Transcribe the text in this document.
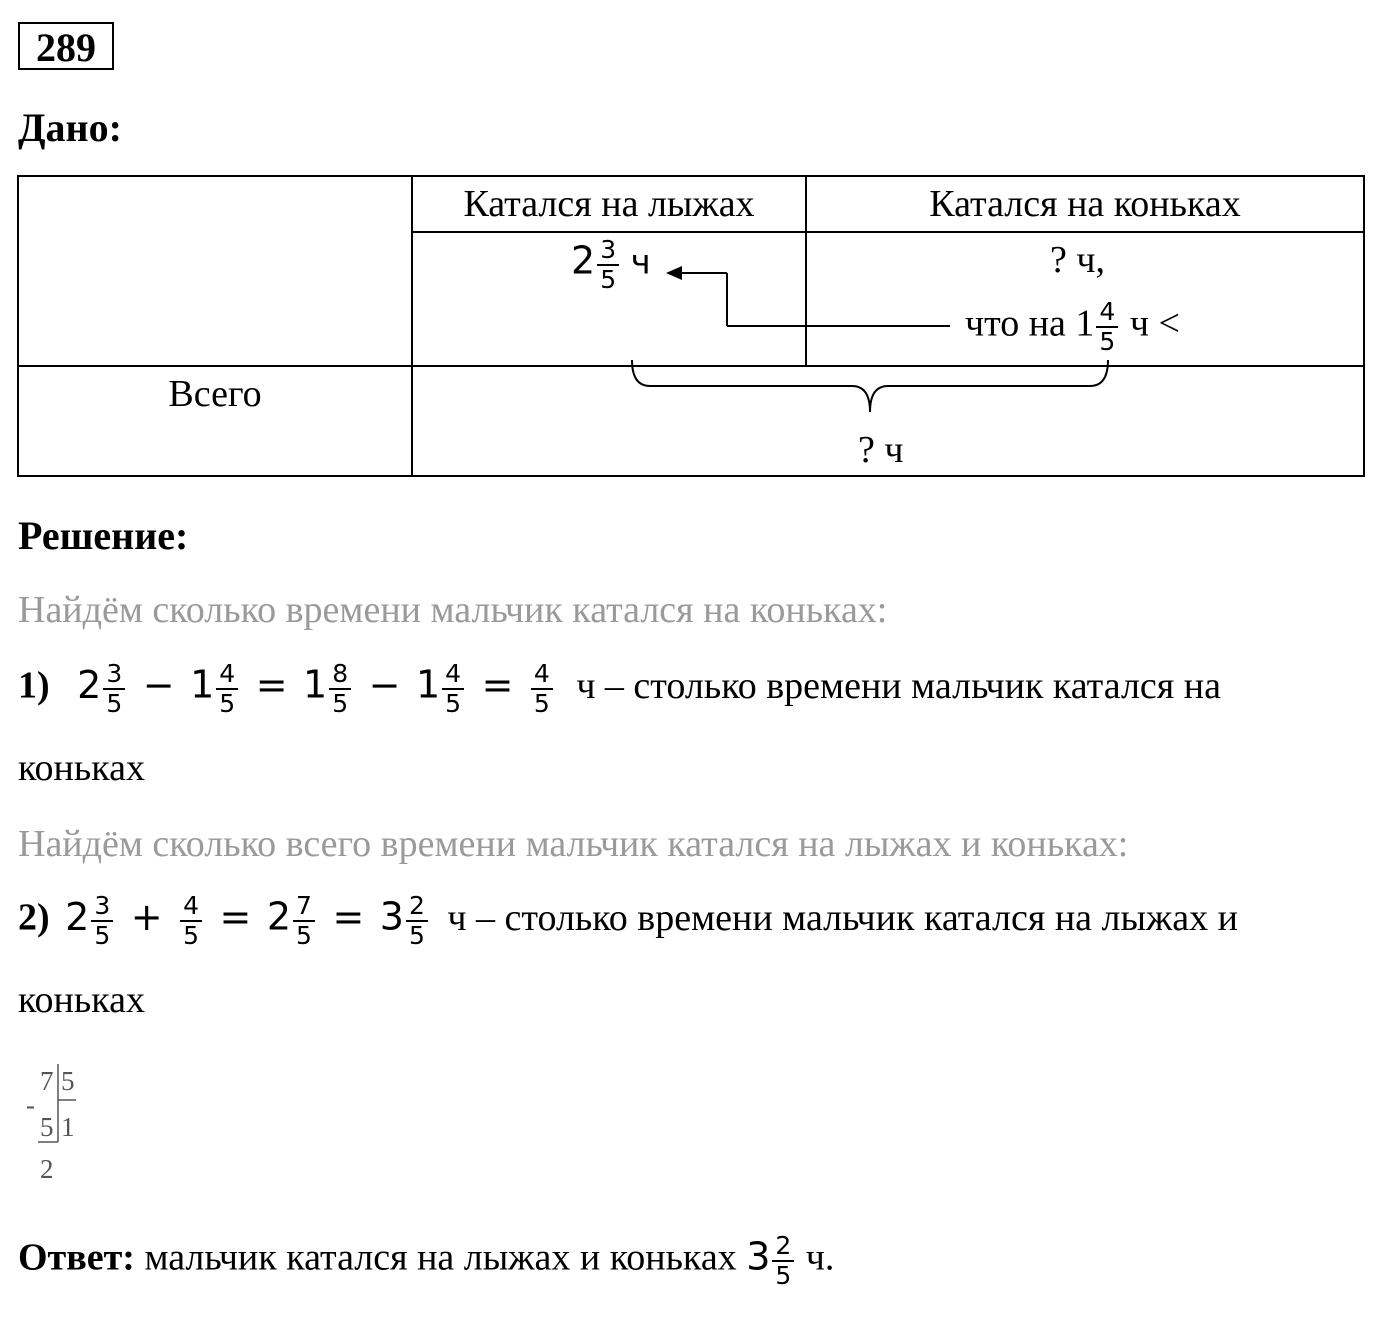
289
Дано:
Катался на лыжах	Катался на коньках
$2 \frac{3}{5}$ ч	? ч,
что на $1 \frac{4}{5}$ ч <
Всего
? ч
Решение:
Найдём сколько времени мальчик катался на коньках:
1) $2 \frac{3}{5} - 1 \frac{4}{5} = 1 \frac{8}{5} - 1 \frac{4}{5} = \frac{4}{5}$ ч – столько времени мальчик катался на
коньках
Найдём сколько всего времени мальчик катался на лыжах и коньках:
2) $2 \frac{3}{5} + \frac{4}{5} = 2 \frac{7}{5} = 3 \frac{2}{5}$ ч – столько времени мальчик катался на лыжах и
коньках
7 5
-
5 1
2
Ответ: мальчик катался на лыжах и коньках $3 \frac{2}{5} ч$.
